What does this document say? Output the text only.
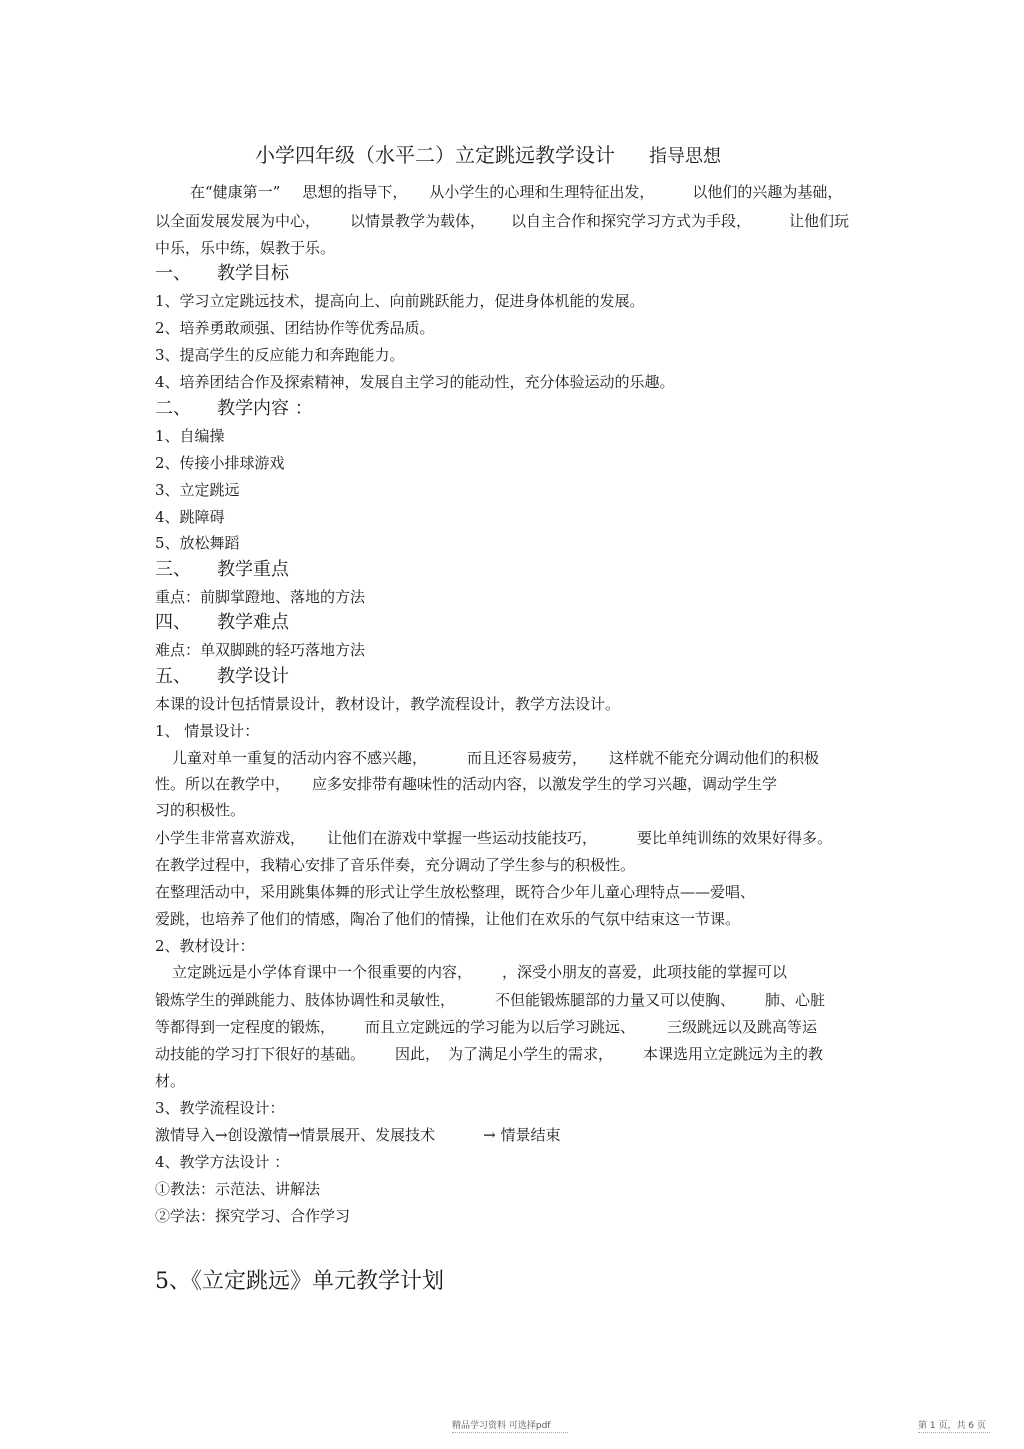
小学四年级（水平二）立定跳远教学设计 指导思想
在“健康第一” 思想的指导下， 从小学生的心理和生理特征出发，	以他们的兴趣为基础，
以全面发展发展为中心， 以情景教学为载体， 以自主合作和探究学习方式为手段，	让他们玩
中乐，乐中练，娱教于乐。
一、 教学目标
1、学习立定跳远技术，提高向上、向前跳跃能力，促进身体机能的发展。
2、培养勇敢顽强、团结协作等优秀品质。
3、提高学生的反应能力和奔跑能力。
4、培养团结合作及探索精神，发展自主学习的能动性，充分体验运动的乐趣。
二、 教学内容 ：
1、自编操
2、传接小排球游戏
3、立定跳远
4、跳障碍
5、放松舞蹈
三、 教学重点
重点：前脚掌蹬地、落地的方法
四、 教学难点
难点：单双脚跳的轻巧落地方法
五、 教学设计
本课的设计包括情景设计，教材设计，教学流程设计，教学方法设计。
1、 情景设计：
儿童对单一重复的活动内容不感兴趣，	而且还容易疲劳， 这样就不能充分调动他们的积极
性。所以在教学中， 应多安排带有趣味性的活动内容，以激发学生的学习兴趣，调动学生学
习的积极性。
小学生非常喜欢游戏， 让他们在游戏中掌握一些运动技能技巧，	要比单纯训练的效果好得多。
在教学过程中，我精心安排了音乐伴奏，充分调动了学生参与的积极性。
在整理活动中，采用跳集体舞的形式让学生放松整理，既符合少年儿童心理特点——爱唱、
爱跳，也培养了他们的情感，陶冶了他们的情操，让他们在欢乐的气氛中结束这一节课。
2、教材设计：
立定跳远是小学体育课中一个很重要的内容， ，深受小朋友的喜爱，此项技能的掌握可以
锻炼学生的弹跳能力、肢体协调性和灵敏性，	不但能锻炼腿部的力量又可以使胸、 肺、心脏
等都得到一定程度的锻炼， 而且立定跳远的学习能为以后学习跳远、 三级跳远以及跳高等运
动技能的学习打下很好的基础。 因此， 为了满足小学生的需求， 本课选用立定跳远为主的教
材。
3、教学流程设计：
激情导入→创设激情→情景展开、发展技术	→ 情景结束
4、教学方法设计 ：
①教法：示范法、讲解法
②学法：探究学习、合作学习
5、《立定跳远》单元教学计划
精品学习资料 可选择pdf	第 1 页，共 6 页
